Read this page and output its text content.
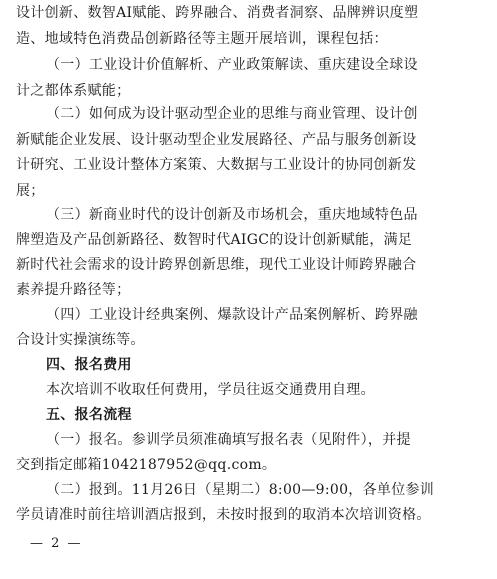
设计创新、数智AI赋能、跨界融合、消费者洞察、品牌辨识度塑
造、地域特色消费品创新路径等主题开展培训，课程包括：
（一）工业设计价值解析、产业政策解读、重庆建设全球设
计之都体系赋能；
（二）如何成为设计驱动型企业的思维与商业管理、设计创
新赋能企业发展、设计驱动型企业发展路径、产品与服务创新设
计研究、工业设计整体方案策、大数据与工业设计的协同创新发
展；
（三）新商业时代的设计创新及市场机会，重庆地域特色品
牌塑造及产品创新路径、数智时代AIGC的设计创新赋能，满足
新时代社会需求的设计跨界创新思维，现代工业设计师跨界融合
素养提升路径等；
（四）工业设计经典案例、爆款设计产品案例解析、跨界融
合设计实操演练等。
四、报名费用
本次培训不收取任何费用，学员往返交通费用自理。
五、报名流程
（一）报名。参训学员须准确填写报名表（见附件），并提
交到指定邮箱1042187952@qq.com。
（二）报到。11月26日（星期二）8:00—9:00，各单位参训
学员请准时前往培训酒店报到，未按时报到的取消本次培训资格。
— 2 —
